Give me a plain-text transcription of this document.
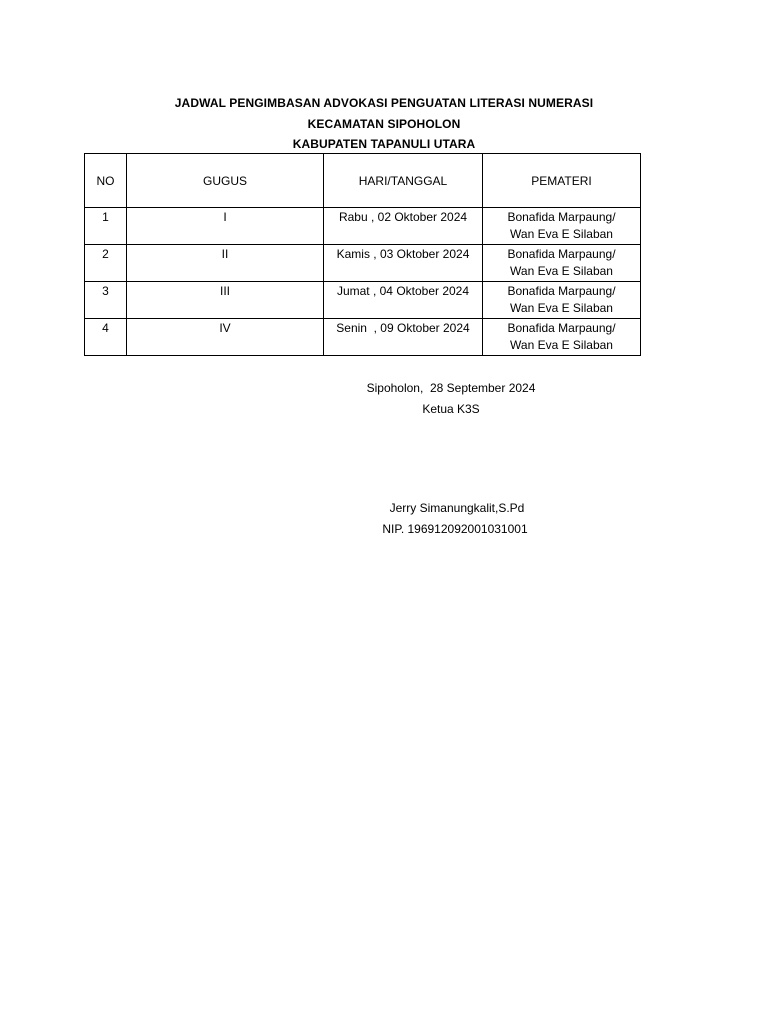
JADWAL PENGIMBASAN ADVOKASI PENGUATAN LITERASI NUMERASI
KECAMATAN SIPOHOLON
KABUPATEN TAPANULI UTARA
NO	GUGUS	HARI/TANGGAL	PEMATERI
1	I	Rabu , 02 Oktober 2024	Bonafida Marpaung/
Wan Eva E Silaban

2	II	Kamis , 03 Oktober 2024	Bonafida Marpaung/
Wan Eva E Silaban

3	III	Jumat , 04 Oktober 2024	Bonafida Marpaung/
Wan Eva E Silaban

4	IV	Senin  , 09 Oktober 2024	Bonafida Marpaung/
Wan Eva E Silaban
Sipoholon,  28 September 2024
Ketua K3S
Jerry Simanungkalit,S.Pd
NIP. 196912092001031001
